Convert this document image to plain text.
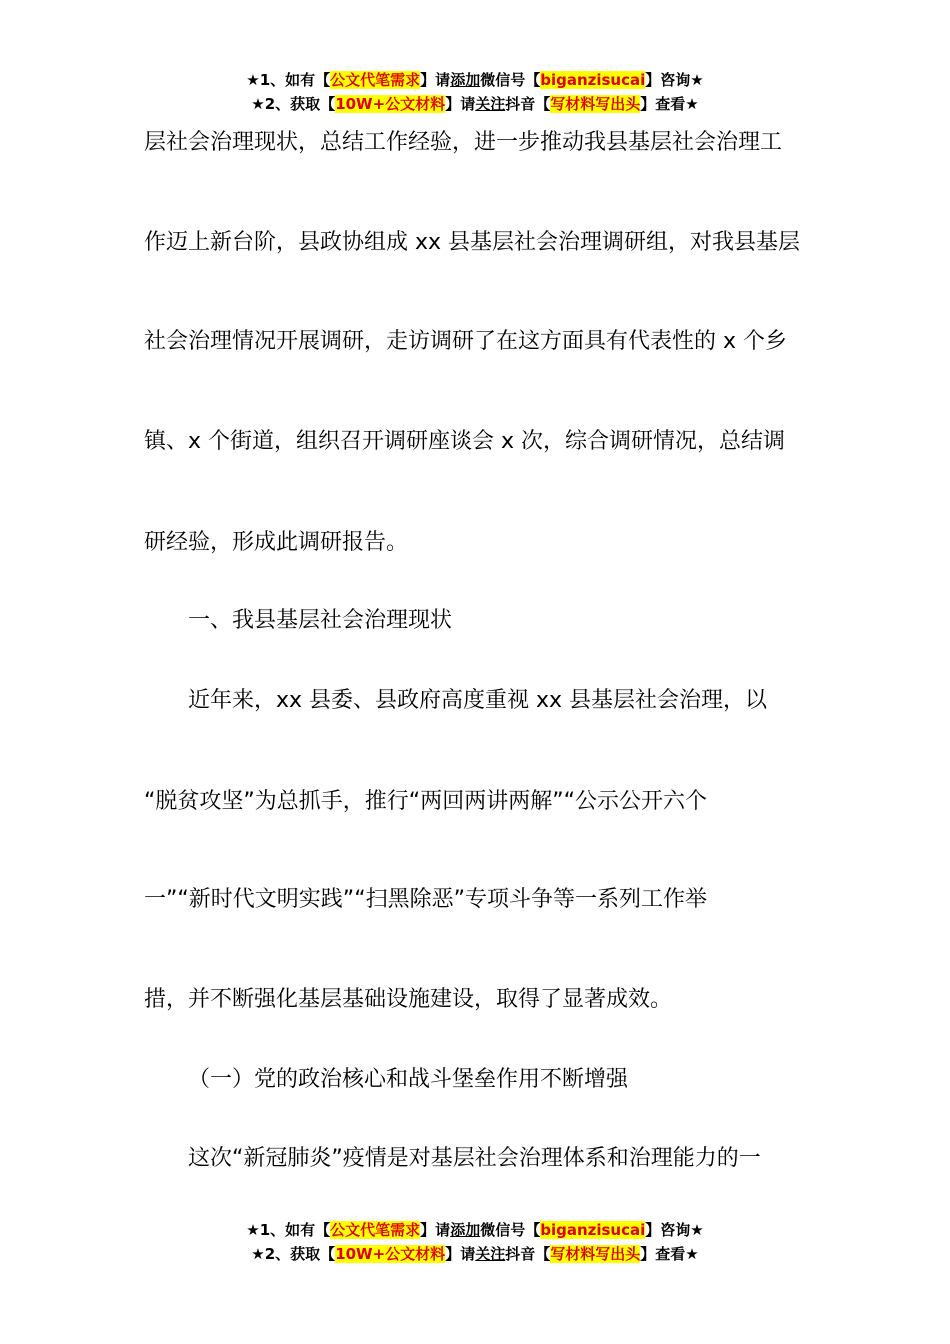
★1、如有【公文代笔需求】请添加微信号【biganzisucai】咨询★
★2、获取【10W+公文材料】请关注抖音【写材料写出头】查看★
层社会治理现状，总结工作经验，进一步推动我县基层社会治理工
作迈上新台阶，县政协组成 xx 县基层社会治理调研组，对我县基层
社会治理情况开展调研，走访调研了在这方面具有代表性的 x 个乡
镇、x 个街道，组织召开调研座谈会 x 次，综合调研情况，总结调
研经验，形成此调研报告。
一、我县基层社会治理现状
近年来，xx 县委、县政府高度重视 xx 县基层社会治理，以
“脱贫攻坚”为总抓手，推行“两回两讲两解”“公示公开六个
一”“新时代文明实践”“扫黑除恶”专项斗争等一系列工作举
措，并不断强化基层基础设施建设，取得了显著成效。
（一）党的政治核心和战斗堡垒作用不断增强
这次“新冠肺炎”疫情是对基层社会治理体系和治理能力的一
★1、如有【公文代笔需求】请添加微信号【biganzisucai】咨询★
★2、获取【10W+公文材料】请关注抖音【写材料写出头】查看★
